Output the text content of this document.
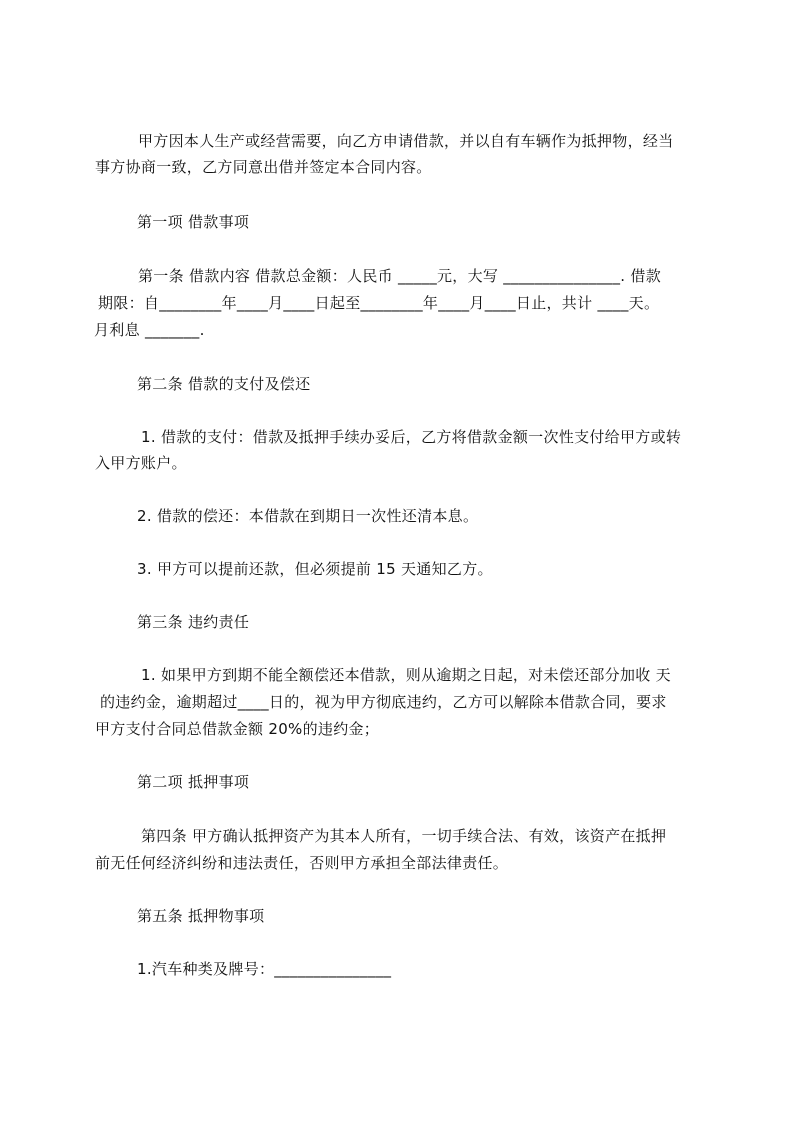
甲方因本人生产或经营需要，向乙方申请借款，并以自有车辆作为抵押物，经当
事方协商一致，乙方同意出借并签定本合同内容。
第一项 借款事项
第一条 借款内容 借款总金额：人民币 _____元，大写 _______________. 借款
期限：自________年____月____日起至________年____月____日止，共计 ____天。
月利息 _______.
第二条 借款的支付及偿还
1. 借款的支付：借款及抵押手续办妥后，乙方将借款金额一次性支付给甲方或转
入甲方账户。
2. 借款的偿还：本借款在到期日一次性还清本息。
3. 甲方可以提前还款，但必须提前 15 天通知乙方。
第三条 违约责任
1. 如果甲方到期不能全额偿还本借款，则从逾期之日起，对未偿还部分加收 天
的违约金，逾期超过____日的，视为甲方彻底违约，乙方可以解除本借款合同，要求
甲方支付合同总借款金额 20%的违约金；
第二项 抵押事项
第四条 甲方确认抵押资产为其本人所有，一切手续合法、有效，该资产在抵押
前无任何经济纠纷和违法责任，否则甲方承担全部法律责任。
第五条 抵押物事项
1.汽车种类及牌号：_______________
